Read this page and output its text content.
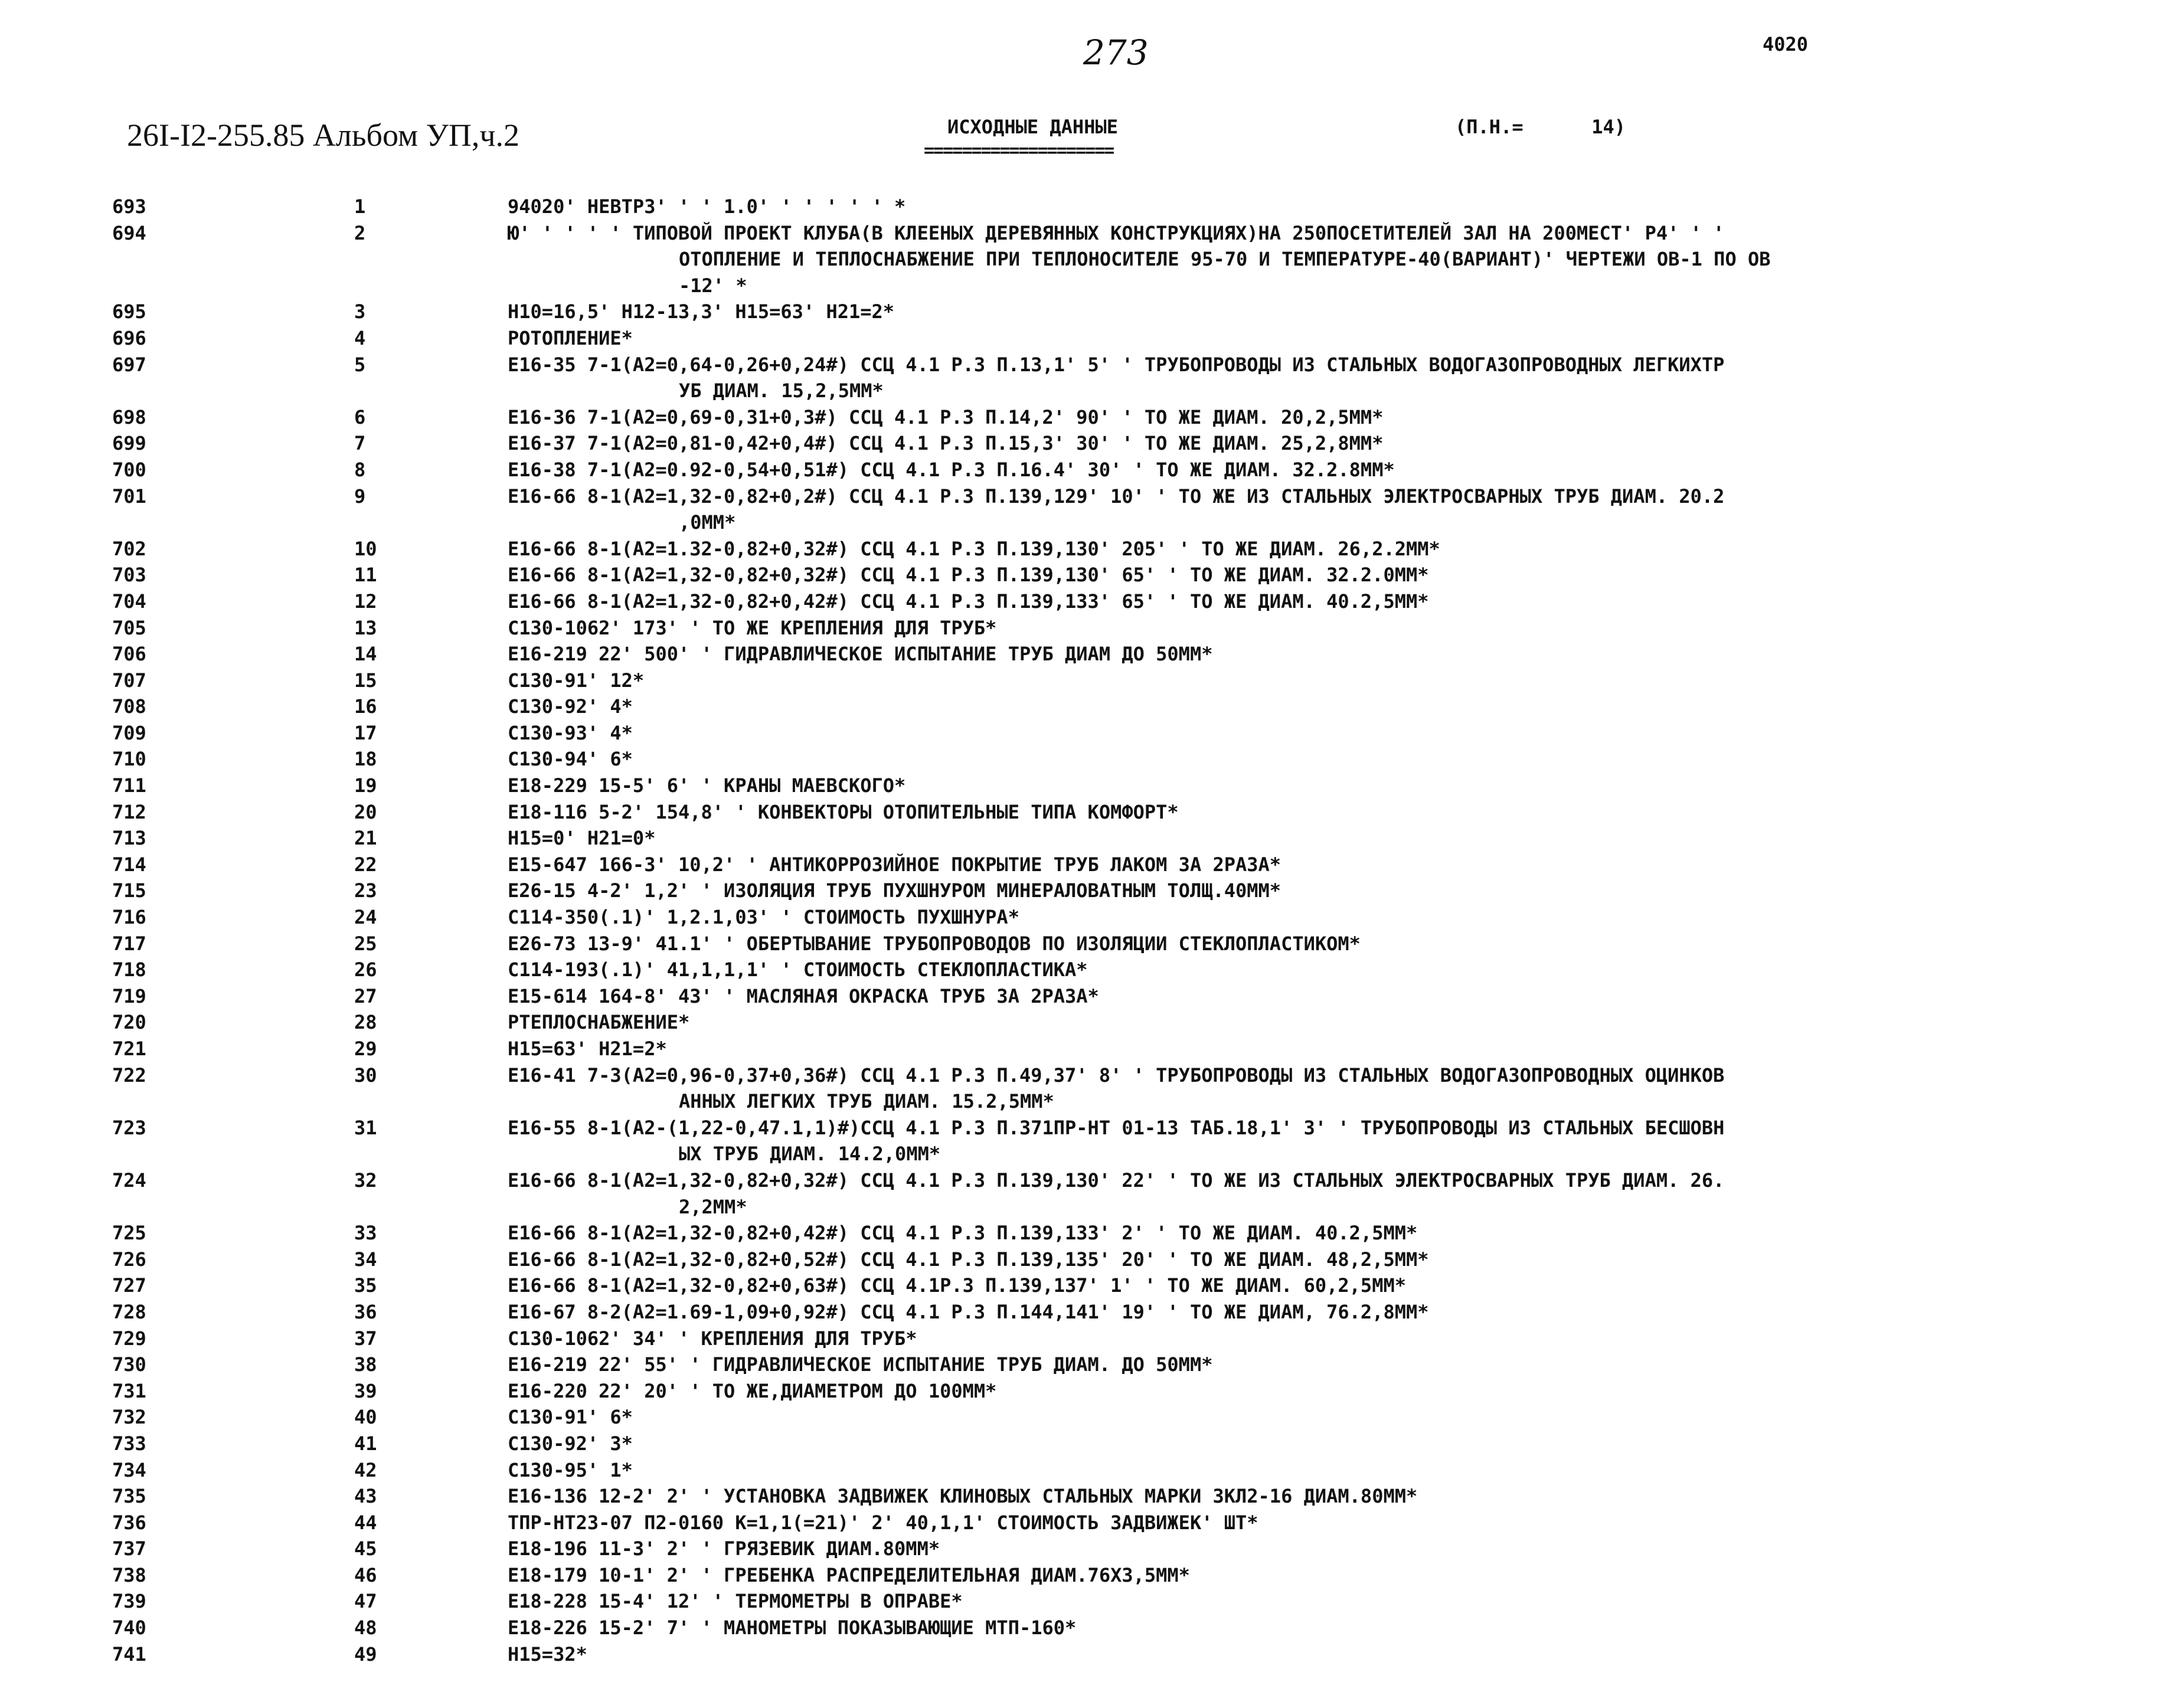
273	4020
26I-I2-255.85 Альбом УП,ч.2	ИСХОДНЫЕ ДАННЫЕ
====================
(П.Н.=      14)
693	1	94020' НЕВТРЗ' ' ' 1.0' ' ' ' ' ' *
694	2	Ю' ' ' ' ' ТИПОВОЙ ПРОЕКТ КЛУБА(В КЛЕЕНЫХ ДЕРЕВЯННЫХ КОНСТРУКЦИЯХ)НА 250ПОСЕТИТЕЛЕЙ ЗАЛ НА 200МЕСТ' Р4' ' '
ОТОПЛЕНИЕ И ТЕПЛОСНАБЖЕНИЕ ПРИ ТЕПЛОНОСИТЕЛЕ 95-70 И ТЕМПЕРАТУРЕ-40(ВАРИАНТ)' ЧЕРТЕЖИ ОВ-1 ПО ОВ
-12' *
695	3	Н10=16,5' Н12-13,3' Н15=63' Н21=2*
696	4	РОТОПЛЕНИЕ*
697	5	Е16-35 7-1(А2=0,64-0,26+0,24#) ССЦ 4.1 Р.3 П.13,1' 5' ' ТРУБОПРОВОДЫ ИЗ СТАЛЬНЫХ ВОДОГАЗОПРОВОДНЫХ ЛЕГКИХТР
УБ ДИАМ. 15,2,5ММ*
698	6	Е16-36 7-1(А2=0,69-0,31+0,3#) ССЦ 4.1 Р.3 П.14,2' 90' ' ТО ЖЕ ДИАМ. 20,2,5ММ*
699	7	Е16-37 7-1(А2=0,81-0,42+0,4#) ССЦ 4.1 Р.3 П.15,3' 30' ' ТО ЖЕ ДИАМ. 25,2,8ММ*
700	8	Е16-38 7-1(А2=0.92-0,54+0,51#) ССЦ 4.1 Р.3 П.16.4' 30' ' ТО ЖЕ ДИАМ. 32.2.8ММ*
701	9	Е16-66 8-1(А2=1,32-0,82+0,2#) ССЦ 4.1 Р.3 П.139,129' 10' ' ТО ЖЕ ИЗ СТАЛЬНЫХ ЭЛЕКТРОСВАРНЫХ ТРУБ ДИАМ. 20.2
,0ММ*
702	10	Е16-66 8-1(А2=1.32-0,82+0,32#) ССЦ 4.1 Р.3 П.139,130' 205' ' ТО ЖЕ ДИАМ. 26,2.2ММ*
703	11	Е16-66 8-1(А2=1,32-0,82+0,32#) ССЦ 4.1 Р.3 П.139,130' 65' ' ТО ЖЕ ДИАМ. 32.2.0ММ*
704	12	Е16-66 8-1(А2=1,32-0,82+0,42#) ССЦ 4.1 Р.3 П.139,133' 65' ' ТО ЖЕ ДИАМ. 40.2,5ММ*
705	13	С130-1062' 173' ' ТО ЖЕ КРЕПЛЕНИЯ ДЛЯ ТРУБ*
706	14	Е16-219 22' 500' ' ГИДРАВЛИЧЕСКОЕ ИСПЫТАНИЕ ТРУБ ДИАМ ДО 50ММ*
707	15	С130-91' 12*
708	16	С130-92' 4*
709	17	С130-93' 4*
710	18	С130-94' 6*
711	19	Е18-229 15-5' 6' ' КРАНЫ МАЕВСКОГО*
712	20	Е18-116 5-2' 154,8' ' КОНВЕКТОРЫ ОТОПИТЕЛЬНЫЕ ТИПА КОМФОРТ*
713	21	Н15=0' Н21=0*
714	22	Е15-647 166-3' 10,2' ' АНТИКОРРОЗИЙНОЕ ПОКРЫТИЕ ТРУБ ЛАКОМ ЗА 2РАЗА*
715	23	Е26-15 4-2' 1,2' ' ИЗОЛЯЦИЯ ТРУБ ПУХШНУРОМ МИНЕРАЛОВАТНЫМ ТОЛЩ.40ММ*
716	24	С114-350(.1)' 1,2.1,03' ' СТОИМОСТЬ ПУХШНУРА*
717	25	Е26-73 13-9' 41.1' ' ОБЕРТЫВАНИЕ ТРУБОПРОВОДОВ ПО ИЗОЛЯЦИИ СТЕКЛОПЛАСТИКОМ*
718	26	С114-193(.1)' 41,1,1,1' ' СТОИМОСТЬ СТЕКЛОПЛАСТИКА*
719	27	Е15-614 164-8' 43' ' МАСЛЯНАЯ ОКРАСКА ТРУБ ЗА 2РАЗА*
720	28	РТЕПЛОСНАБЖЕНИЕ*
721	29	Н15=63' Н21=2*
722	30	Е16-41 7-3(А2=0,96-0,37+0,36#) ССЦ 4.1 Р.3 П.49,37' 8' ' ТРУБОПРОВОДЫ ИЗ СТАЛЬНЫХ ВОДОГАЗОПРОВОДНЫХ ОЦИНКОВ
АННЫХ ЛЕГКИХ ТРУБ ДИАМ. 15.2,5ММ*
723	31	Е16-55 8-1(А2-(1,22-0,47.1,1)#)ССЦ 4.1 Р.3 П.371ПР-НТ 01-13 ТАБ.18,1' 3' ' ТРУБОПРОВОДЫ ИЗ СТАЛЬНЫХ БЕСШОВН
ЫХ ТРУБ ДИАМ. 14.2,0ММ*
724	32	Е16-66 8-1(А2=1,32-0,82+0,32#) ССЦ 4.1 Р.3 П.139,130' 22' ' ТО ЖЕ ИЗ СТАЛЬНЫХ ЭЛЕКТРОСВАРНЫХ ТРУБ ДИАМ. 26.
2,2ММ*
725	33	Е16-66 8-1(А2=1,32-0,82+0,42#) ССЦ 4.1 Р.3 П.139,133' 2' ' ТО ЖЕ ДИАМ. 40.2,5ММ*
726	34	Е16-66 8-1(А2=1,32-0,82+0,52#) ССЦ 4.1 Р.3 П.139,135' 20' ' ТО ЖЕ ДИАМ. 48,2,5ММ*
727	35	Е16-66 8-1(А2=1,32-0,82+0,63#) ССЦ 4.1Р.3 П.139,137' 1' ' ТО ЖЕ ДИАМ. 60,2,5ММ*
728	36	Е16-67 8-2(А2=1.69-1,09+0,92#) ССЦ 4.1 Р.3 П.144,141' 19' ' ТО ЖЕ ДИАМ, 76.2,8ММ*
729	37	С130-1062' 34' ' КРЕПЛЕНИЯ ДЛЯ ТРУБ*
730	38	Е16-219 22' 55' ' ГИДРАВЛИЧЕСКОЕ ИСПЫТАНИЕ ТРУБ ДИАМ. ДО 50ММ*
731	39	Е16-220 22' 20' ' ТО ЖЕ,ДИАМЕТРОМ ДО 100ММ*
732	40	С130-91' 6*
733	41	С130-92' 3*
734	42	С130-95' 1*
735	43	Е16-136 12-2' 2' ' УСТАНОВКА ЗАДВИЖЕК КЛИНОВЫХ СТАЛЬНЫХ МАРКИ 3КЛ2-16 ДИАМ.80ММ*
736	44	ТПР-НТ23-07 П2-0160 К=1,1(=21)' 2' 40,1,1' СТОИМОСТЬ ЗАДВИЖЕК' ШТ*
737	45	Е18-196 11-3' 2' ' ГРЯЗЕВИК ДИАМ.80ММ*
738	46	Е18-179 10-1' 2' ' ГРЕБЕНКА РАСПРЕДЕЛИТЕЛЬНАЯ ДИАМ.76Х3,5ММ*
739	47	Е18-228 15-4' 12' ' ТЕРМОМЕТРЫ В ОПРАВЕ*
740	48	Е18-226 15-2' 7' ' МАНОМЕТРЫ ПОКАЗЫВАЮЩИЕ МТП-160*
741	49	Н15=32*
